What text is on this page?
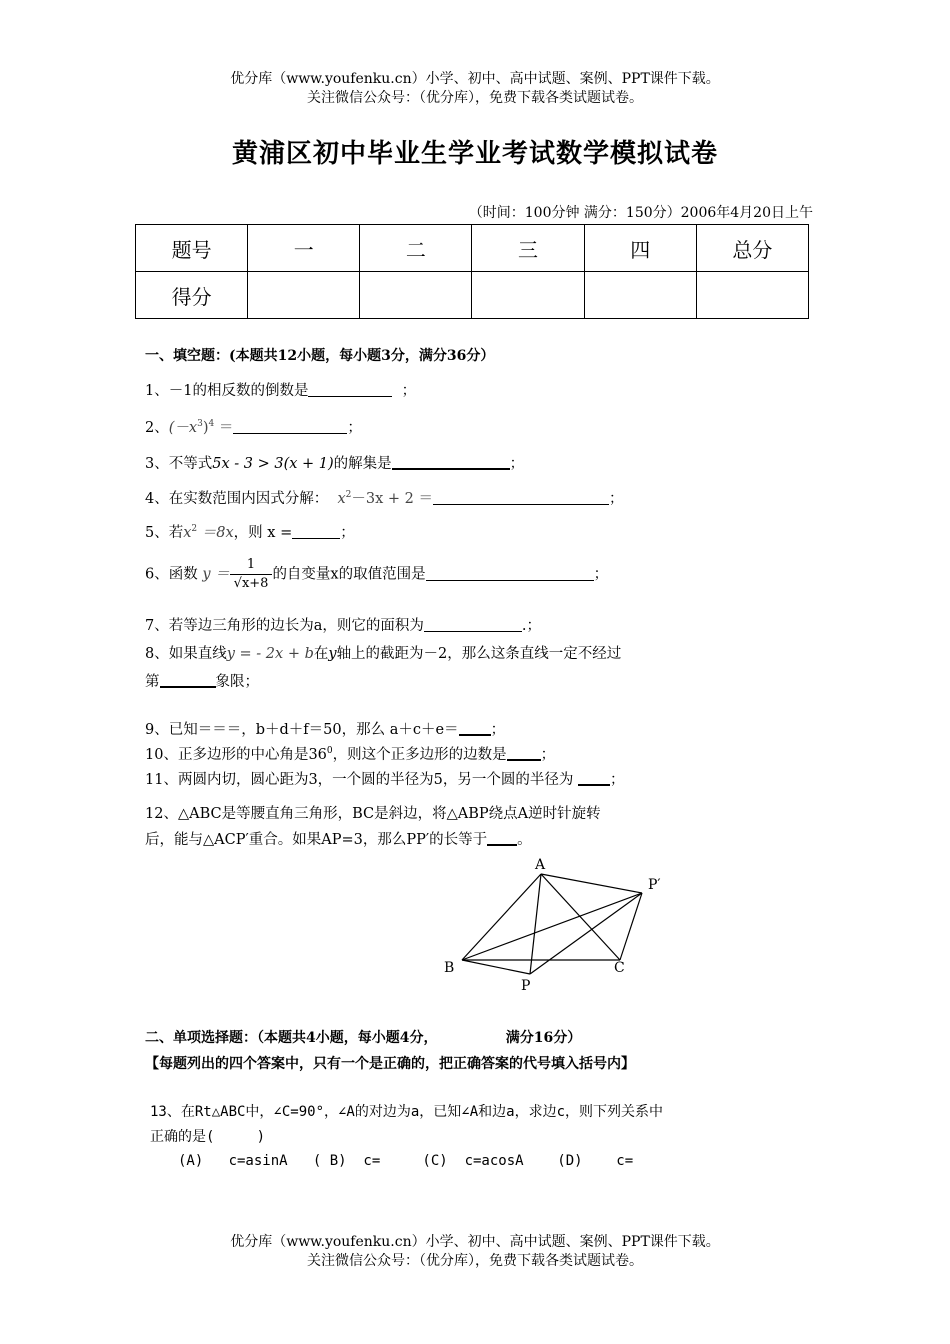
优分库（www.youfenku.cn）小学、初中、高中试题、案例、PPT课件下载。
关注微信公众号：（优分库），免费下载各类试题试卷。
黄浦区初中毕业生学业考试数学模拟试卷
（时间：100分钟 满分：150分）2006年4月20日上午
题号	一	二	三	四	总分
得分					
一、填空题：(本题共12小题，每小题3分，满分36分）
1、－1的相反数的倒数是	；
2、$(-x^3)^4$ ＝	；
3、不等式5x - 3 > 3(x + 1)的解集是	；
4、在实数范围内因式分解： $x^2-3x + 2$ ＝	；
5、若$x^2 =8x$，则 x =	；
6、函数 $y = \frac{1}{√x+8}$ 的自变量x的取值范围是	；
7、若等边三角形的边长为a，则它的面积为	.；
8、如果直线y = - 2x + b在y轴上的截距为－2，那么这条直线一定不经过
第	象限；
9、已知＝＝＝，b＋d＋f＝50，那么 a＋c＋e＝ ；
10、正多边形的中心角是$36^0$，则这个正多边形的边数是 ；
11、两圆内切，圆心距为3，一个圆的半径为5，另一个圆的半径为	；
12、△ABC是等腰直角三角形，BC是斜边，将△ABP绕点A逆时针旋转
后，能与△ACP′重合。如果AP=3，那么PP′的长等于 。
A
B	C
P
P′
二、单项选择题：（本题共4小题，每小题4分，              满分16分）
【每题列出的四个答案中，只有一个是正确的，把正确答案的代号填入括号内】
13、在Rt△ABC中，∠C=90°，∠A的对边为a，已知∠A和边a，求边c，则下列关系中
正确的是(     )
(A)   c=asinA   ( B)  c=     (C)  c=acosA    (D)    c=
优分库（www.youfenku.cn）小学、初中、高中试题、案例、PPT课件下载。
关注微信公众号：（优分库），免费下载各类试题试卷。
